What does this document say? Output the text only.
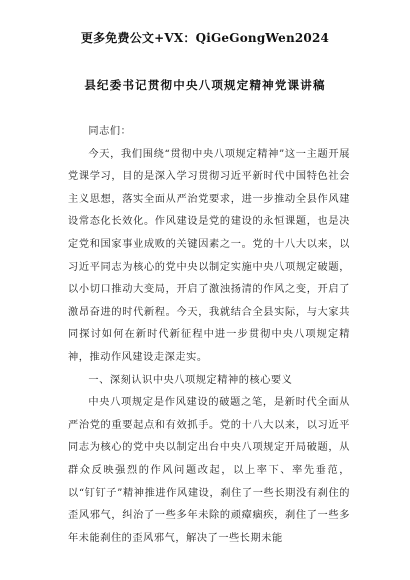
更多免费公文+VX：QiGeGongWen2024
县纪委书记贯彻中央八项规定精神党课讲稿

同志们：

今天，我们围绕“贯彻中央八项规定精神”这一主题开展党课学习，目的是深入学习贯彻习近平新时代中国特色社会主义思想，落实全面从严治党要求，进一步推动全县作风建设常态化长效化。作风建设是党的建设的永恒课题，也是决定党和国家事业成败的关键因素之一。党的十八大以来，以习近平同志为核心的党中央以制定实施中央八项规定破题，以小切口推动大变局，开启了激浊扬清的作风之变，开启了激昂奋进的时代新程。今天，我就结合全县实际，与大家共同探讨如何在新时代新征程中进一步贯彻中央八项规定精神，推动作风建设走深走实。

一、深刻认识中央八项规定精神的核心要义

中央八项规定是作风建设的破题之笔，是新时代全面从严治党的重要起点和有效抓手。党的十八大以来，以习近平同志为核心的党中央以制定出台中央八项规定开局破题，从群众反映强烈的作风问题改起，以上率下、率先垂范，以“钉钉子”精神推进作风建设，刹住了一些长期没有刹住的歪风邪气，纠治了一些多年未除的顽瘴痼疾，刹住了一些多年未能刹住的歪风邪气，解决了一些长期未能
